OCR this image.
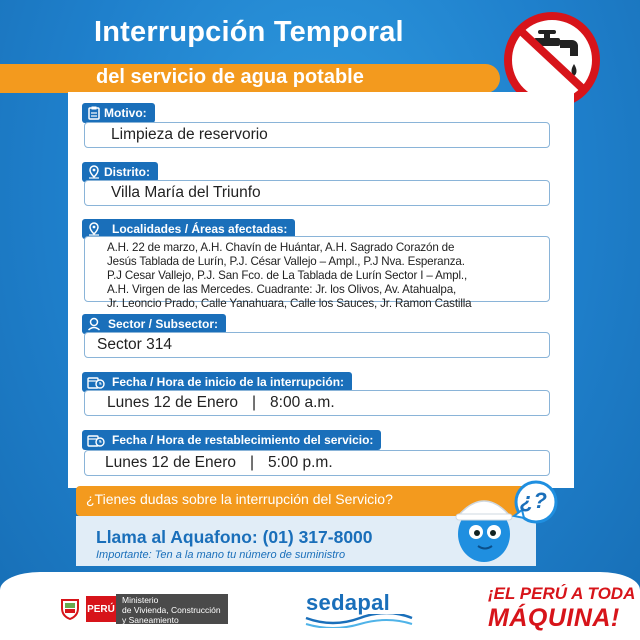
Interrupción Temporal
del servicio de agua potable
Motivo:
Limpieza de reservorio
Distrito:
Villa María del Triunfo
Localidades / Áreas afectadas:
A.H. 22 de marzo, A.H. Chavín de Huántar, A.H. Sagrado Corazón de
Jesús Tablada de Lurín, P.J. César Vallejo – Ampl., P.J Nva. Esperanza.
P.J Cesar Vallejo, P.J. San Fco. de La Tablada de Lurín Sector I – Ampl.,
A.H. Virgen de las Mercedes. Cuadrante: Jr. los Olivos, Av. Atahualpa,
Jr. Leoncio Prado, Calle Yanahuara, Calle los Sauces, Jr. Ramon Castilla
Sector / Subsector:
Sector 314
Fecha / Hora de inicio de la interrupción:
Lunes 12 de Enero | 8:00 a.m.
Fecha / Hora de restablecimiento del servicio:
Lunes 12 de Enero | 5:00 p.m.
¿Tienes dudas sobre la interrupción del Servicio?
Llama al Aquafono: (01) 317-8000
Importante: Ten a la mano tu número de suministro
¿?
PERÚ
Ministerio
de Vivienda, Construcción
y Saneamiento
sedapal	¡EL PERÚ A TODA
MÁQUINA!
